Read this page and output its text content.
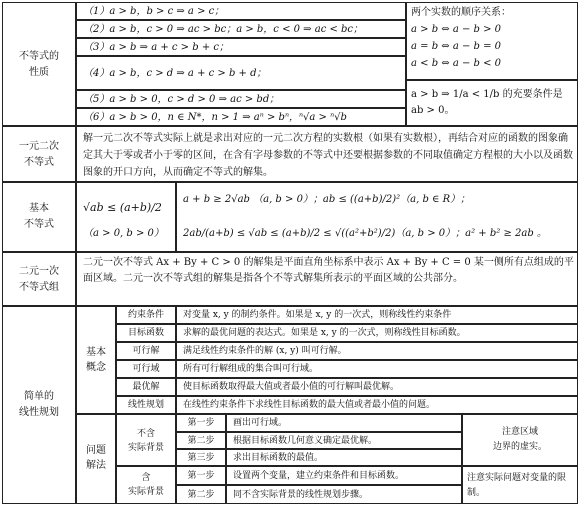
不等式的
性质
（1）a > b，b > c ⇒ a > c；
（2）a > b，c > 0 ⇒ ac > bc；a > b，c < 0 ⇒ ac < bc；
（3）a > b ⇒ a + c > b + c；
（4）a > b，c > d ⇒ a + c > b + d；
（5）a > b > 0，c > d > 0 ⇒ ac > bd；
（6）a > b > 0，n ∈ N*，n > 1 ⇒ aⁿ > bⁿ，ⁿ√a > ⁿ√b
两个实数的顺序关系：
a > b ⇔ a − b > 0
a = b ⇔ a − b = 0
a < b ⇔ a − b < 0
a > b ⇒ 1/a < 1/b 的充要条件是 ab > 0。
一元二次
不等式
解一元二次不等式实际上就是求出对应的一元二次方程的实数根（如果有实数根），再结合对应的函数的图象确定其大于零或者小于零的区间，在含有字母参数的不等式中还要根据参数的不同取值确定方程根的大小以及函数图象的开口方向，从而确定不等式的解集。
基本
不等式
√ab ≤ (a+b)/2
（a > 0, b > 0）
a + b ≥ 2√ab （a, b > 0）；ab ≤ ((a+b)/2)²（a, b ∈ R）；
2ab/(a+b) ≤ √ab ≤ (a+b)/2 ≤ √((a²+b²)/2)（a, b > 0）；a² + b² ≥ 2ab 。
二元一次
不等式组
二元一次不等式 Ax + By + C > 0 的解集是平面直角坐标系中表示 Ax + By + C = 0 某一侧所有点组成的平面区域。二元一次不等式组的解集是指各个不等式解集所表示的平面区域的公共部分。
简单的
线性规划
基本
概念
约束条件	对变量 x, y 的制约条件。如果是 x, y 的一次式，则称线性约束条件
目标函数	求解的最优问题的表达式。如果是 x, y 的一次式，则称线性目标函数。
可行解	满足线性约束条件的解 (x, y) 叫可行解。
可行域	所有可行解组成的集合叫可行域。
最优解	使目标函数取得最大值或者最小值的可行解叫最优解。
线性规划	在线性约束条件下求线性目标函数的最大值或者最小值的问题。
问题
解法
不含
实际背景
第一步	画出可行域。
第二步	根据目标函数几何意义确定最优解。
第三步	求出目标函数的最值。
注意区域
边界的虚实。
含
实际背景
第一步	设置两个变量，建立约束条件和目标函数。
第二步	同不含实际背景的线性规划步骤。
注意实际问题对变量的限制。
